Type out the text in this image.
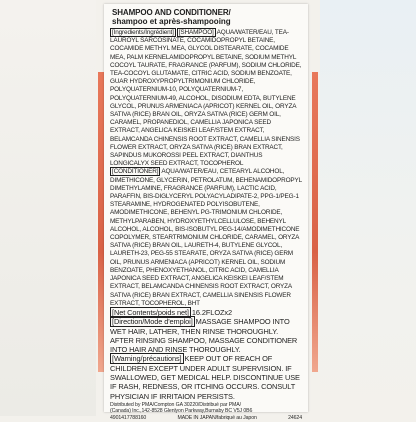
SHAMPOO AND CONDITIONER/

shampoo et après-shampooing

[Ingredients/Ingrédient] [SHAMPOO] AQUA/WATER/EAU, TEA-LAUROYL SARCOSINATE, COCAMIDOPROPYL BETAINE, COCAMIDE METHYL MEA, GLYCOL DISTEARATE, COCAMIDE MEA, PALM KERNELAMIDOPROPYL BETAINE, SODIUM METHYL COCOYL TAURATE, FRAGRANCE (PARFUM), SODIUM CHLORIDE, TEA-COCOYL GLUTAMATE, CITRIC ACID, SODIUM BENZOATE, GUAR HYDROXYPROPYLTRIMONIUM CHLORIDE, POLYQUATERNIUM-10, POLYQUATERNIUM-7, POLYQUATERNIUM-49, ALCOHOL, DISODIUM EDTA, BUTYLENE GLYCOL, PRUNUS ARMENIACA (APRICOT) KERNEL OIL, ORYZA SATIVA (RICE) BRAN OIL, ORYZA SATIVA (RICE) GERM OIL, CARAMEL, PROPANEDIOL, CAMELLIA JAPONICA SEED EXTRACT, ANGELICA KEISKEI LEAF/STEM EXTRACT, BELAMCANDA CHINENSIS ROOT EXTRACT, CAMELLIA SINENSIS FLOWER EXTRACT, ORYZA SATIVA (RICE) BRAN EXTRACT, SAPINDUS MUKOROSSI PEEL EXTRACT, DIANTHUS LONGICALYX SEED EXTRACT, TOCOPHEROL

[CONDITIONER] AQUA/WATER/EAU, CETEARYL ALCOHOL, DIMETHICONE, GLYCERIN, PETROLATUM, BEHENAMIDOPROPYL DIMETHYLAMINE, FRAGRANCE (PARFUM), LACTIC ACID, PARAFFIN, BIS-DIGLYCERYL POLYACYLADIPATE-2, PPG-1/PEG-1 STEARAMINE, HYDROGENATED POLYISOBUTENE, AMODIMETHICONE, BEHENYL PG-TRIMONIUM CHLORIDE, METHYLPARABEN, HYDROXYETHYLCELLULOSE, BEHENYL ALCOHOL, ALCOHOL, BIS-ISOBUTYL PEG-14/AMODIMETHICONE COPOLYMER, STEARTRIMONIUM CHLORIDE, CARAMEL, ORYZA SATIVA (RICE) BRAN OIL, LAURETH-4, BUTYLENE GLYCOL, LAURETH-23, PEG-55 STEARATE, ORYZA SATIVA (RICE) GERM OIL, PRUNUS ARMENIACA (APRICOT) KERNEL OIL, SODIUM BENZOATE, PHENOXYETHANOL, CITRIC ACID, CAMELLIA JAPONICA SEED EXTRACT, ANGELICA KEISKEI LEAF/STEM EXTRACT, BELAMCANDA CHINENSIS ROOT EXTRACT, ORYZA SATIVA (RICE) BRAN EXTRACT, CAMELLIA SINENSIS FLOWER EXTRACT, TOCOPHEROL, BHT

[Net Contents/poids net] 16.2FLOZx2

[Direction/Mode d'emploi] MASSAGE SHAMPOO INTO WET HAIR, LATHER, THEN RINSE THOROUGHLY. AFTER RINSING SHAMPOO, MASSAGE CONDITIONER INTO HAIR AND RINSE THOROUGHLY.

[Warning/précautions] KEEP OUT OF REACH OF CHILDREN EXCEPT UNDER ADULT SUPERVISION. IF SWALLOWED, GET MEDICAL HELP. DISCONTINUE USE IF RASH, REDNESS, OR ITCHING OCCURS. CONSULT PHYSICIAN IF IRRITAION PERSISTS.

Distributed by PMA/Compton GA 30220/Distribué par PMA/
(Canada) Inc.,142-8528 Glenlyon Parkway,Burnaby BC V5J 0B6
4901417788160	MADE IN JAPAN/fabriqué au Japon	24624
